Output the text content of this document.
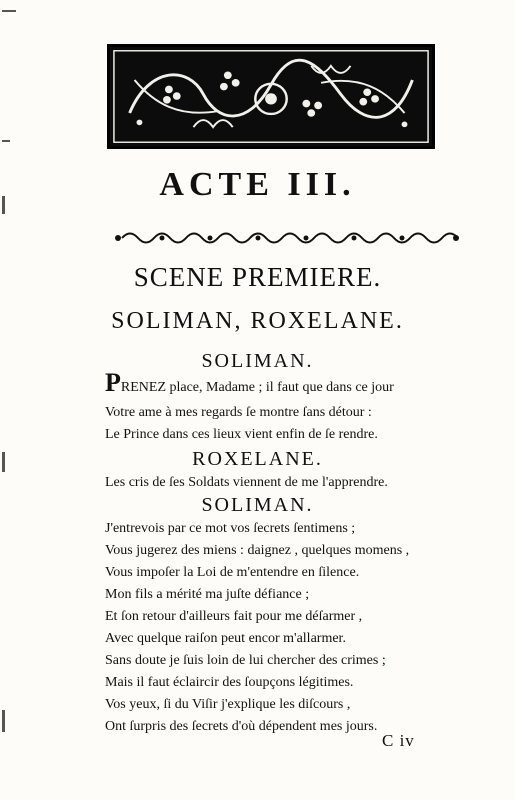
ACTE III.
SCENE PREMIERE.
SOLIMAN, ROXELANE.
SOLIMAN.
PRENEZ place, Madame ; il faut que dans ce jour
Votre ame à mes regards ſe montre ſans détour :
Le Prince dans ces lieux vient enfin de ſe rendre.
ROXELANE.
Les cris de ſes Soldats viennent de me l'apprendre.
SOLIMAN.
J'entrevois par ce mot vos ſecrets ſentimens ;
Vous jugerez des miens : daignez , quelques momens ,
Vous impoſer la Loi de m'entendre en ſilence.
Mon fils a mérité ma juſte défiance ;
Et ſon retour d'ailleurs fait pour me déſarmer ,
Avec quelque raiſon peut encor m'allarmer.
Sans doute je ſuis loin de lui chercher des crimes ;
Mais il faut éclaircir des ſoupçons légitimes.
Vos yeux, ſi du Viſir j'explique les diſcours ,
Ont ſurpris des ſecrets d'où dépendent mes jours.
C iv
